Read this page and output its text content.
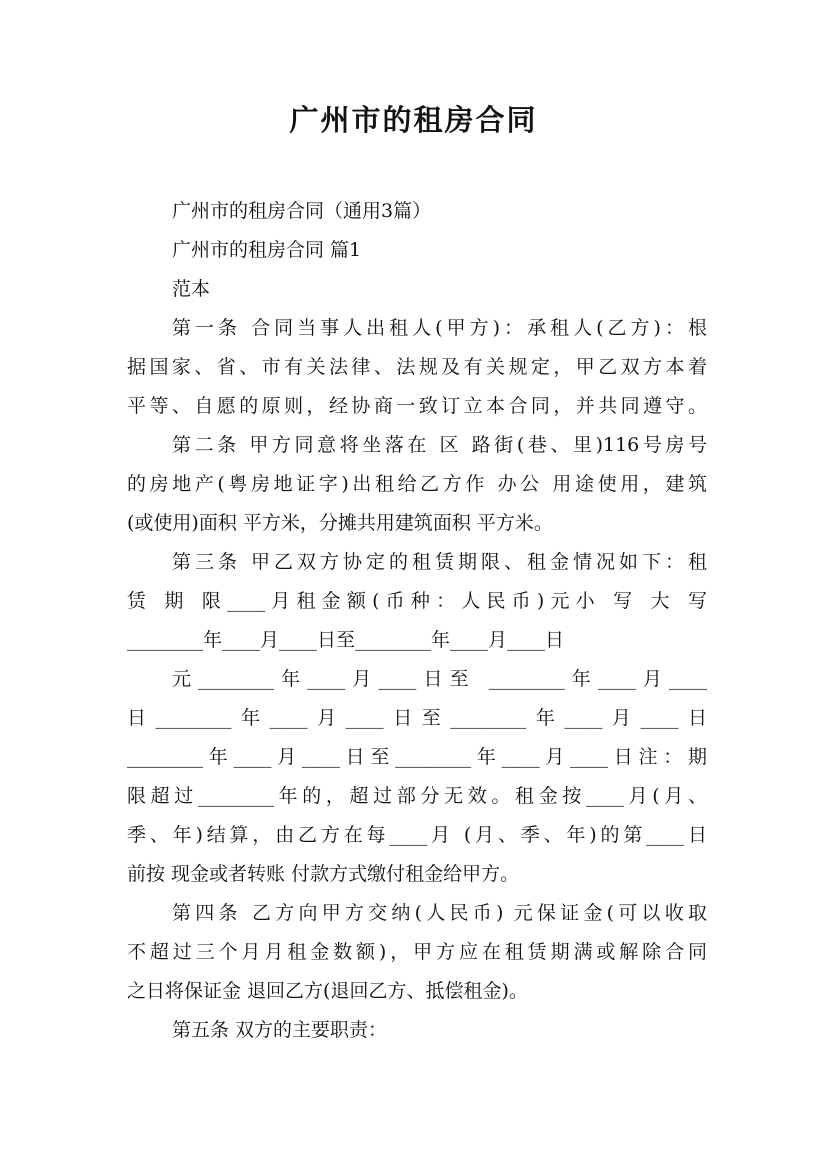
广州市的租房合同
广州市的租房合同（通用3篇）
广州市的租房合同 篇1
范本
第一条 合同当事人出租人(甲方)：承租人(乙方)：根
据国家、省、市有关法律、法规及有关规定，甲乙双方本着
平等、自愿的原则，经协商一致订立本合同，并共同遵守。
第二条 甲方同意将坐落在 区 路街(巷、里)116号房号
的房地产(粤房地证字)出租给乙方作 办公 用途使用，建筑
(或使用)面积 平方米，分摊共用建筑面积 平方米。
第三条 甲乙双方协定的租赁期限、租金情况如下：租
赁 期 限____月租金额(币种：人民币)元小 写 大 写
________年____月____日至________年____月____日
元________年____月____日至 ________年____月____
日________年____月____日至________年____月____日
________年____月____日至________年____月____日注：期
限超过________年的，超过部分无效。租金按____月(月、
季、年)结算，由乙方在每____月 (月、季、年)的第____日
前按 现金或者转账 付款方式缴付租金给甲方。
第四条 乙方向甲方交纳(人民币) 元保证金(可以收取
不超过三个月月租金数额)，甲方应在租赁期满或解除合同
之日将保证金 退回乙方(退回乙方、抵偿租金)。
第五条 双方的主要职责：
